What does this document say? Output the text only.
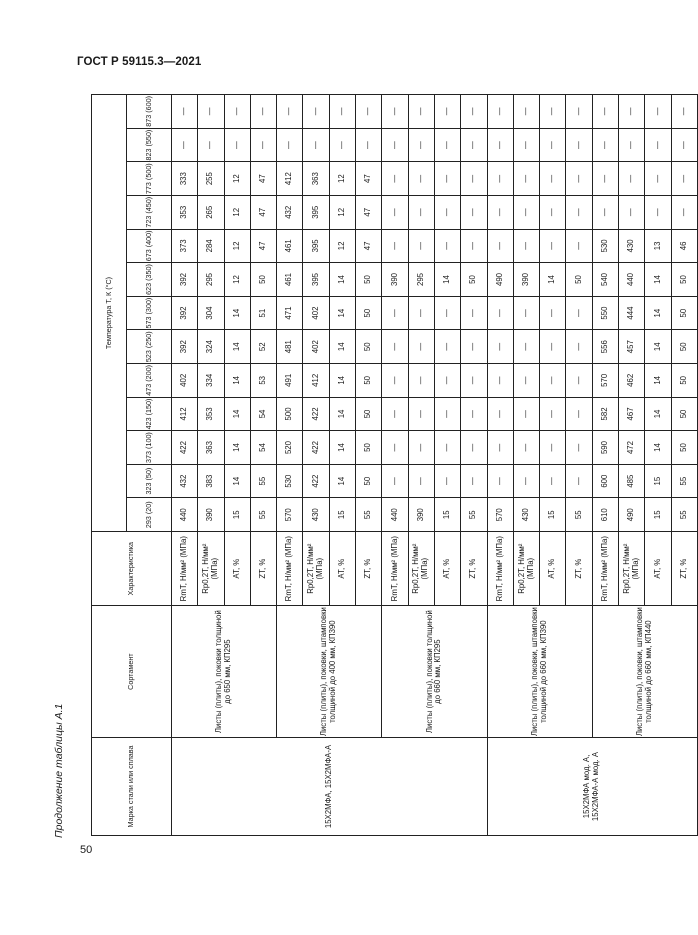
ГОСТ Р 59115.3—2021
Продолжение таблицы А.1
50
Марка стали или сплава	Сортамент	Характеристика	Температура T, К (°С)												
			293 (20)	323 (50)	373 (100)	423 (150)	473 (200)	523 (250)	573 (300)	623 (350)	673 (400)	723 (450)	773 (500)	823 (550)	873 (600)
15Х2МФА, 15Х2МФА-А	Листы (плиты), поковки толщиной до 650 мм, КП295	RmT, Н/мм² (МПа)	440	432	422	412	402	392	392	392	373	353	333	—	—
		Rp0,2T, Н/мм² (МПа)	390	383	363	353	334	324	304	295	284	265	255	—	—
		AT, %	15	14	14	14	14	14	14	12	12	12	12	—	—
		ZT, %	55	55	54	54	53	52	51	50	47	47	47	—	—
	Листы (плиты), поковки, штамповки толщиной до 400 мм, КП390	RmT, Н/мм² (МПа)	570	530	520	500	491	481	471	461	461	432	412	—	—
		Rp0,2T, Н/мм² (МПа)	430	422	422	422	412	402	402	395	395	395	363	—	—
		AT, %	15	14	14	14	14	14	14	14	12	12	12	—	—
		ZT, %	55	50	50	50	50	50	50	50	47	47	47	—	—
	Листы (плиты), поковки толщиной до 660 мм, КП295	RmT, Н/мм² (МПа)	440	—	—	—	—	—	—	390	—	—	—	—	—
		Rp0,2T, Н/мм² (МПа)	390	—	—	—	—	—	—	295	—	—	—	—	—
		AT, %	15	—	—	—	—	—	—	14	—	—	—	—	—
		ZT, %	55	—	—	—	—	—	—	50	—	—	—	—	—
15Х2МФА мод. А, 15Х2МФА-А мод. А	Листы (плиты), поковки, штамповки толщиной до 660 мм, КП390	RmT, Н/мм² (МПа)	570	—	—	—	—	—	—	490	—	—	—	—	—
		Rp0,2T, Н/мм² (МПа)	430	—	—	—	—	—	—	390	—	—	—	—	—
		AT, %	15	—	—	—	—	—	—	14	—	—	—	—	—
		ZT, %	55	—	—	—	—	—	—	50	—	—	—	—	—
	Листы (плиты), поковки, штамповки толщиной до 660 мм, КП440	RmT, Н/мм² (МПа)	610	600	590	582	570	556	550	540	530	—	—	—	—
		Rp0,2T, Н/мм² (МПа)	490	485	472	467	462	457	444	440	430	—	—	—	—
		AT, %	15	15	14	14	14	14	14	14	13	—	—	—	—
		ZT, %	55	55	50	50	50	50	50	50	46	—	—	—	—
